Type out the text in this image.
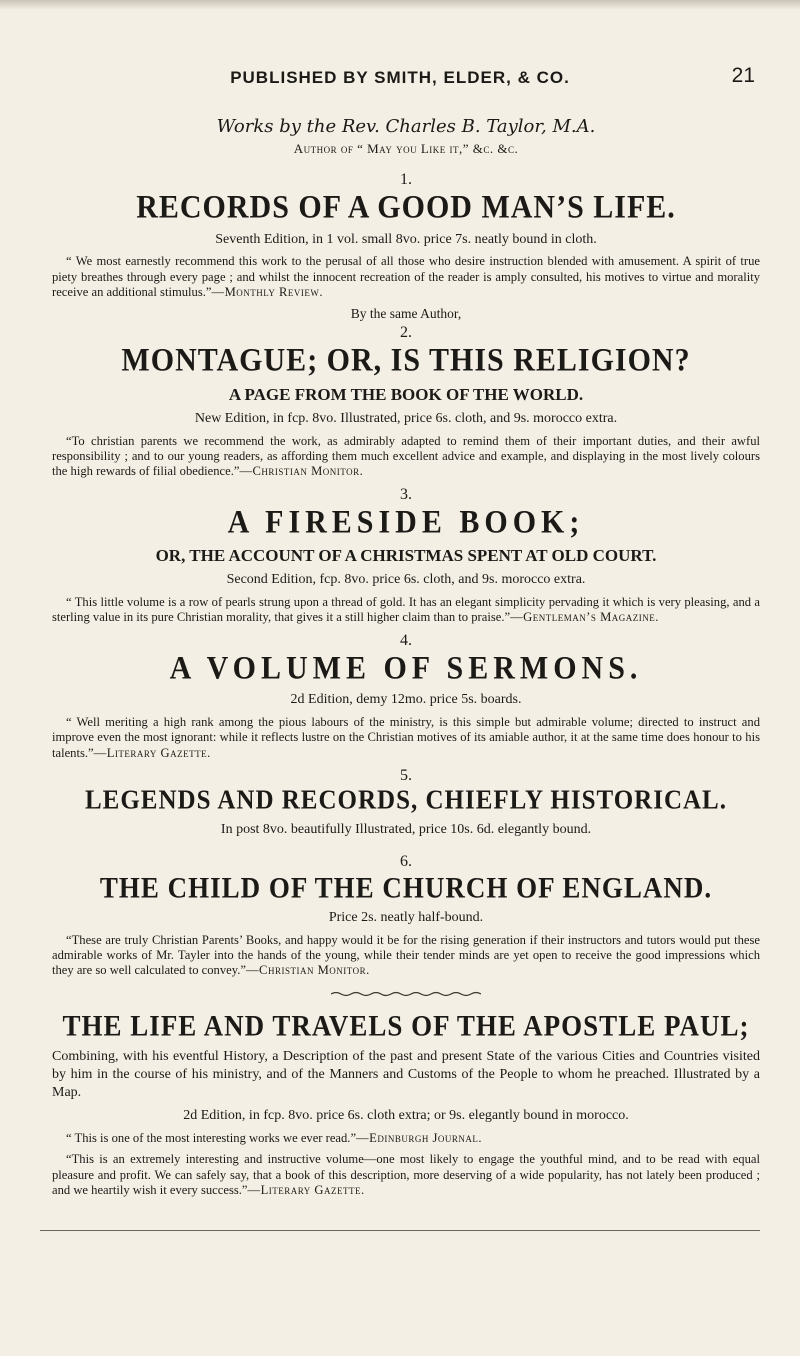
PUBLISHED BY SMITH, ELDER, & CO.	21
Works by the Rev. Charles B. Taylor, M.A.
Author of “ May you Like it,” &c. &c.
1.
RECORDS OF A GOOD MAN’S LIFE.
Seventh Edition, in 1 vol. small 8vo. price 7s. neatly bound in cloth.

“ We most earnestly recommend this work to the perusal of all those who desire instruction blended with amusement. A spirit of true piety breathes through every page ; and whilst the innocent recreation of the reader is amply consulted, his motives to virtue and morality receive an additional stimulus.”—Monthly Review.

By the same Author,
2.
MONTAGUE; OR, IS THIS RELIGION?
A PAGE FROM THE BOOK OF THE WORLD.
New Edition, in fcp. 8vo. Illustrated, price 6s. cloth, and 9s. morocco extra.

“To christian parents we recommend the work, as admirably adapted to remind them of their important duties, and their awful responsibility ; and to our young readers, as affording them much excellent advice and example, and displaying in the most lively colours the high rewards of filial obedience.”—Christian Monitor.

3.
A FIRESIDE BOOK;
OR, THE ACCOUNT OF A CHRISTMAS SPENT AT OLD COURT.
Second Edition, fcp. 8vo. price 6s. cloth, and 9s. morocco extra.

“ This little volume is a row of pearls strung upon a thread of gold. It has an elegant simplicity pervading it which is very pleasing, and a sterling value in its pure Christian morality, that gives it a still higher claim than to praise.”—Gentleman’s Magazine.

4.
A VOLUME OF SERMONS.
2d Edition, demy 12mo. price 5s. boards.

“ Well meriting a high rank among the pious labours of the ministry, is this simple but admirable volume; directed to instruct and improve even the most ignorant: while it reflects lustre on the Christian motives of its amiable author, it at the same time does honour to his talents.”—Literary Gazette.

5.
LEGENDS AND RECORDS, CHIEFLY HISTORICAL.
In post 8vo. beautifully Illustrated, price 10s. 6d. elegantly bound.
6.
THE CHILD OF THE CHURCH OF ENGLAND.
Price 2s. neatly half-bound.

“These are truly Christian Parents’ Books, and happy would it be for the rising generation if their instructors and tutors would put these admirable works of Mr. Tayler into the hands of the young, while their tender minds are yet open to receive the good impressions which they are so well calculated to convey.”—Christian Monitor.

THE LIFE AND TRAVELS OF THE APOSTLE PAUL;

Combining, with his eventful History, a Description of the past and present State of the various Cities and Countries visited by him in the course of his ministry, and of the Manners and Customs of the People to whom he preached. Illustrated by a Map.

2d Edition, in fcp. 8vo. price 6s. cloth extra; or 9s. elegantly bound in morocco.

“ This is one of the most interesting works we ever read.”—Edinburgh Journal.

“This is an extremely interesting and instructive volume—one most likely to engage the youthful mind, and to be read with equal pleasure and profit. We can safely say, that a book of this description, more deserving of a wide popularity, has not lately been produced ; and we heartily wish it every success.”—Literary Gazette.
